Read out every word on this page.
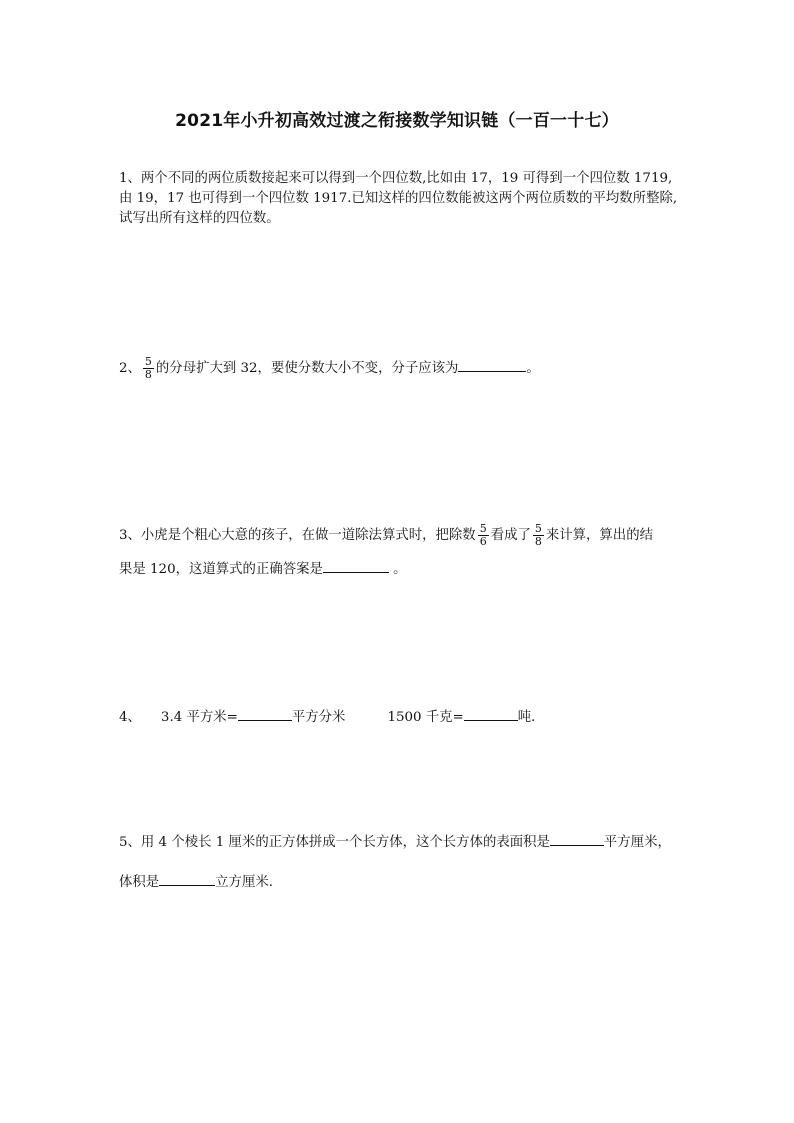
2021年小升初高效过渡之衔接数学知识链（一百一十七）
1、两个不同的两位质数接起来可以得到一个四位数,比如由 17，19 可得到一个四位数 1719,
由 19，17 也可得到一个四位数 1917.已知这样的四位数能被这两个两位质数的平均数所整除,
试写出所有这样的四位数。
2、 $\frac{5}{8}$ 的分母扩大到 32，要使分数大小不变，分子应该为	。
3、小虎是个粗心大意的孩子，在做一道除法算式时，把除数 $\frac{5}{6}$ 看成了 $\frac{5}{8}$ 来计算，算出的结
果是 120，这道算式的正确答案是	。
4、 3.4 平方米=	平方分米	1500 千克=	吨．
5、用 4 个棱长 1 厘米的正方体拼成一个长方体，这个长方体的表面积是	平方厘米，
体积是	立方厘米．
